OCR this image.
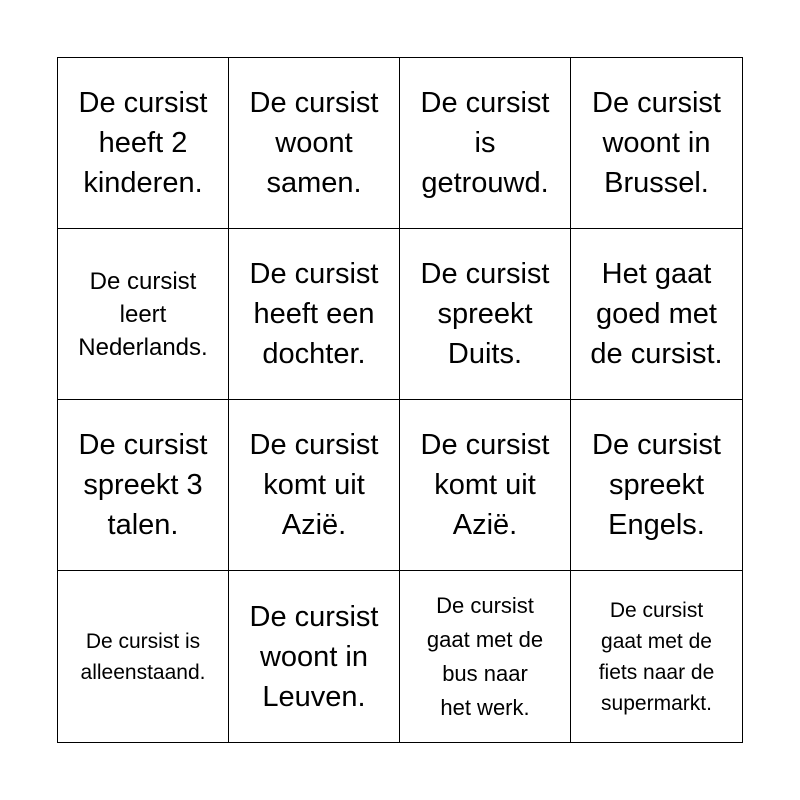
De cursist
heeft 2
kinderen.
De cursist
woont
samen.
De cursist
is
getrouwd.
De cursist
woont in
Brussel.
De cursist
leert
Nederlands.
De cursist
heeft een
dochter.
De cursist
spreekt
Duits.
Het gaat
goed met
de cursist.
De cursist
spreekt 3
talen.
De cursist
komt uit
Azië.
De cursist
komt uit
Azië.
De cursist
spreekt
Engels.
De cursist is
alleenstaand.
De cursist
woont in
Leuven.
De cursist
gaat met de
bus naar
het werk.
De cursist
gaat met de
fiets naar de
supermarkt.
